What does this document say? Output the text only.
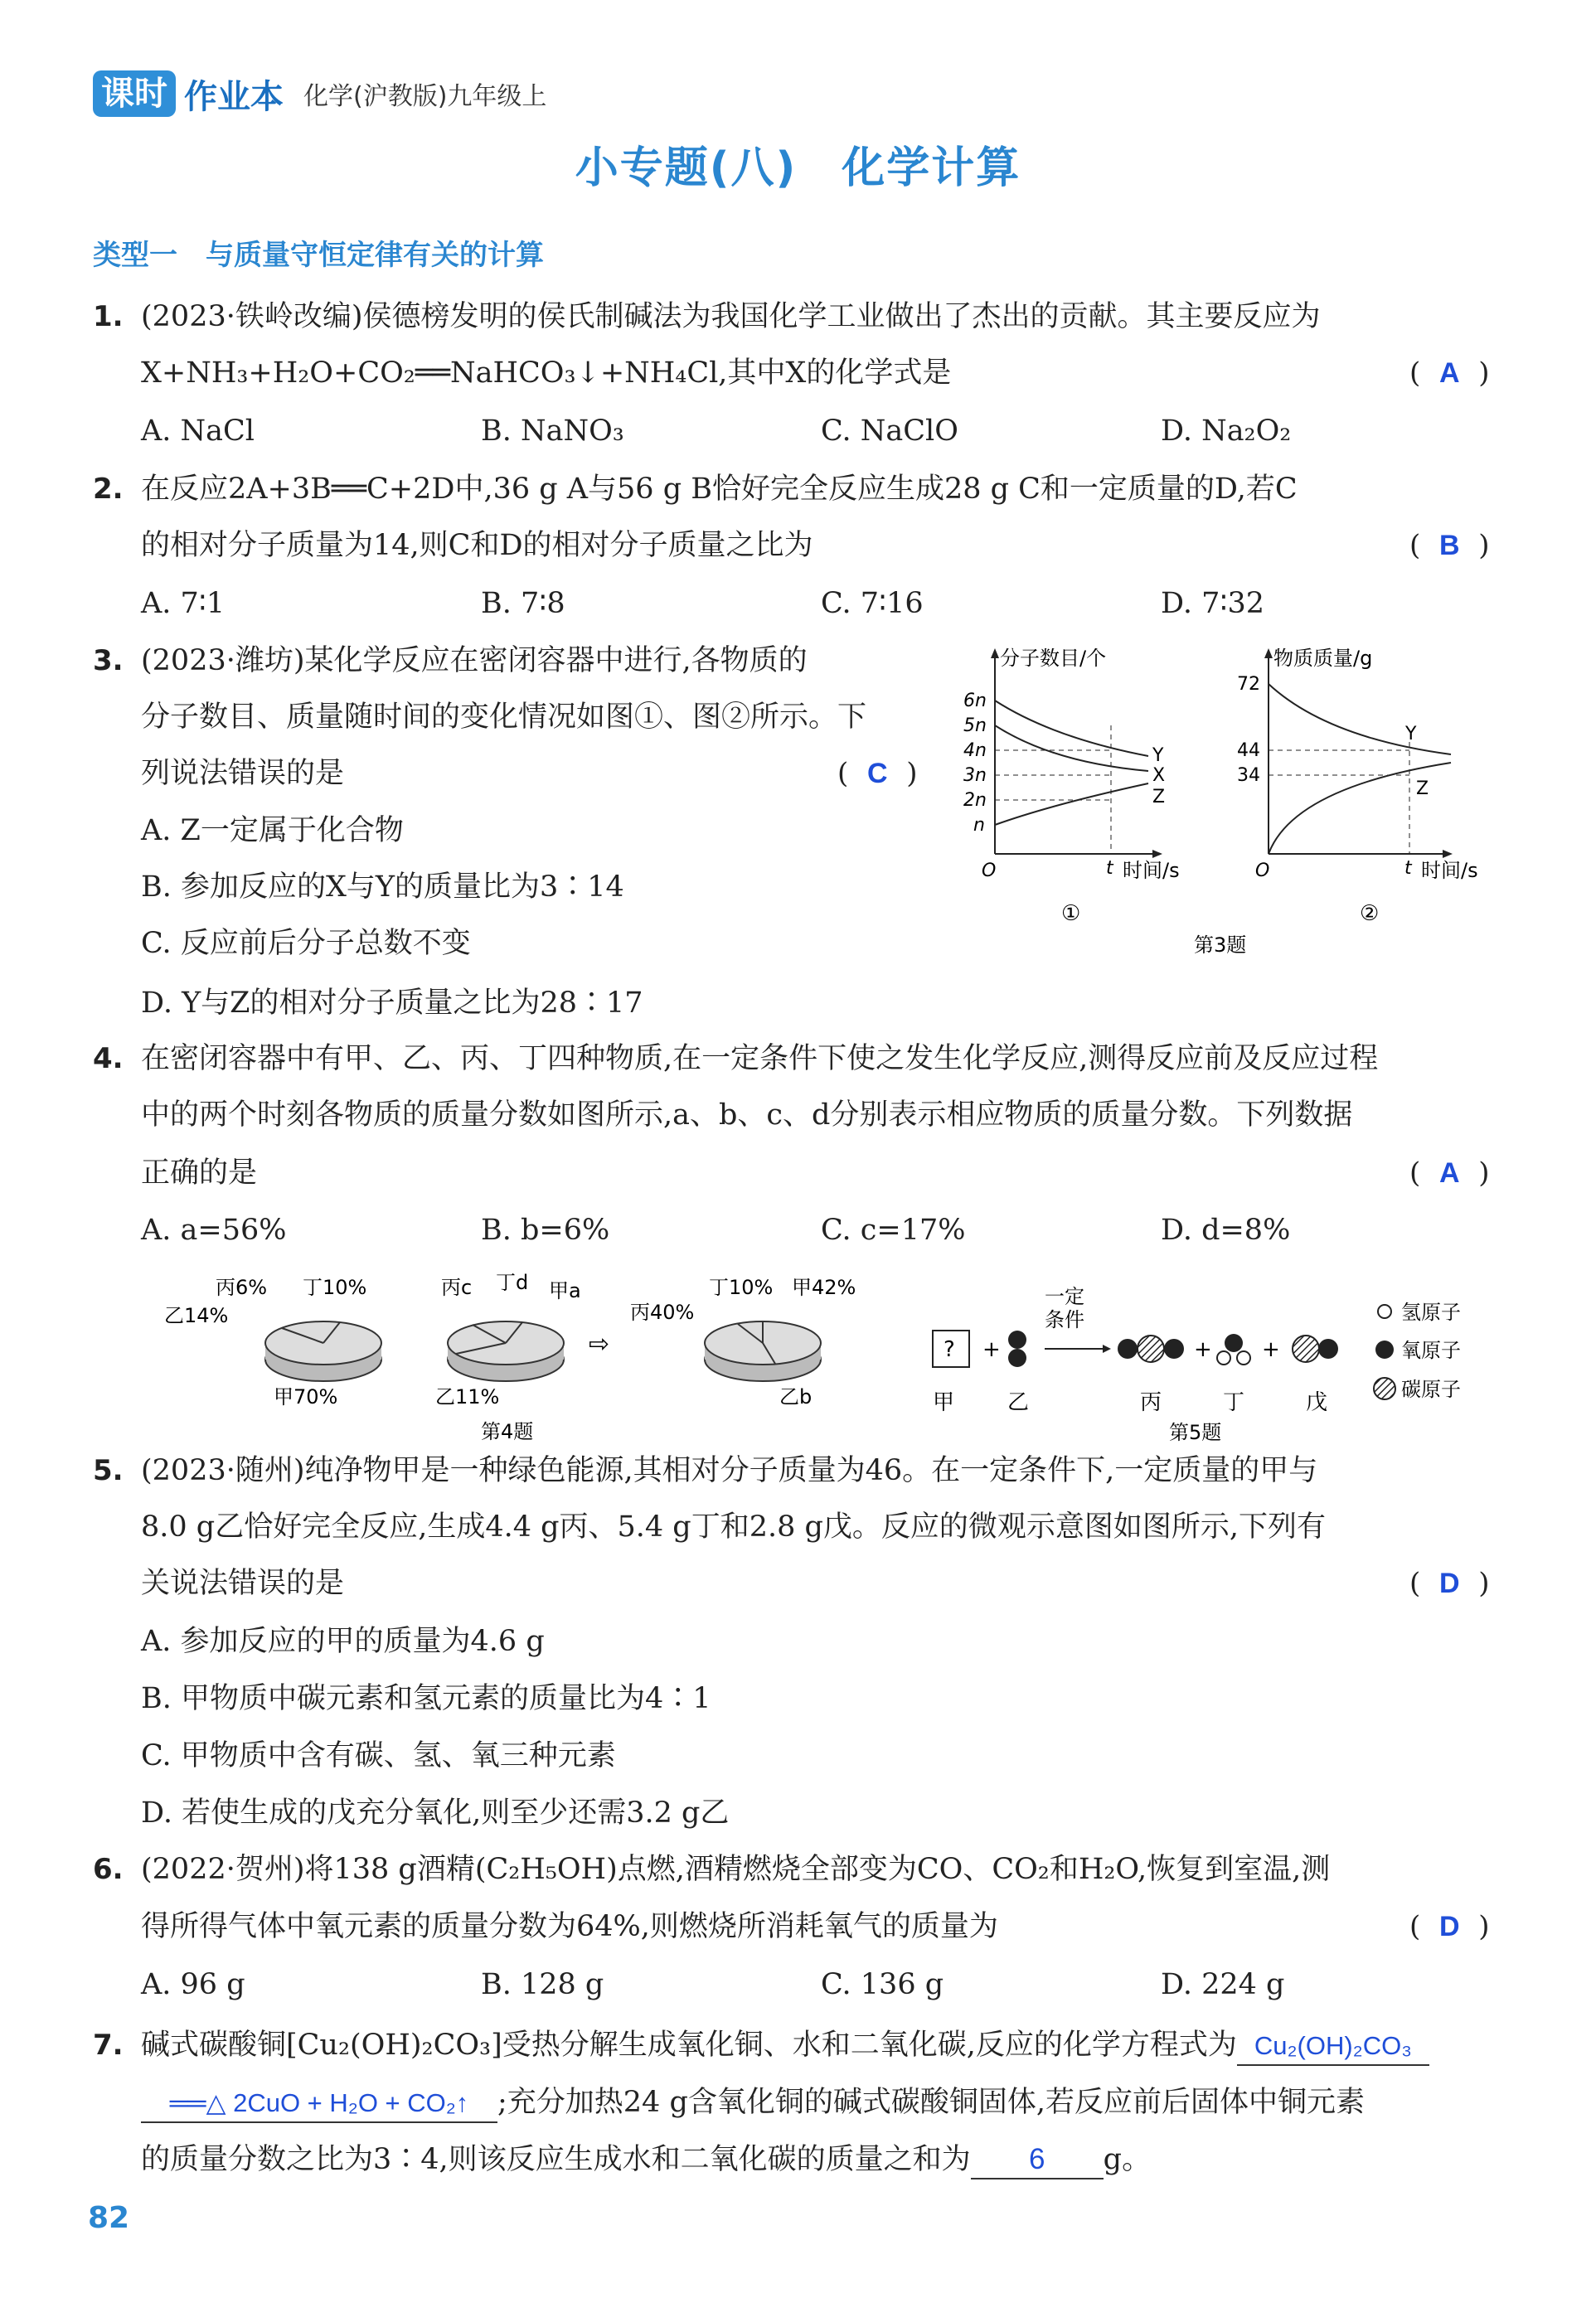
课时 作业本 化学(沪教版)九年级上
小专题(八)　化学计算
类型一　与质量守恒定律有关的计算
1. (2023·铁岭改编)侯德榜发明的侯氏制碱法为我国化学工业做出了杰出的贡献。其主要反应为
X+NH₃+H₂O+CO₂══NaHCO₃↓+NH₄Cl,其中X的化学式是	( A )
A. NaCl	B. NaNO₃	C. NaClO	D. Na₂O₂
2. 在反应2A+3B══C+2D中,36 g A与56 g B恰好完全反应生成28 g C和一定质量的D,若C
的相对分子质量为14,则C和D的相对分子质量之比为	( B )
A. 7∶1	B. 7∶8	C. 7∶16	D. 7∶32
3. (2023·潍坊)某化学反应在密闭容器中进行,各物质的
分子数目、质量随时间的变化情况如图①、图②所示。下
列说法错误的是	( C )
A. Z一定属于化合物
B. 参加反应的X与Y的质量比为3∶14
C. 反应前后分子总数不变
D. Y与Z的相对分子质量之比为28∶17
分子数目/个
6n
5n
4n
3n
2n
n
Y
X
Z
O	t 时间/s
①
物质质量/g
72
44
34
Y
Z
O	t 时间/s
②
第3题
4. 在密闭容器中有甲、乙、丙、丁四种物质,在一定条件下使之发生化学反应,测得反应前及反应过程
中的两个时刻各物质的质量分数如图所示,a、b、c、d分别表示相应物质的质量分数。下列数据
正确的是	( A )
A. a=56%	B. b=6%	C. c=17%	D. d=8%
丙6% 丁10%
乙14%
甲70%
丙c 丁d 甲a
乙11%
⇨
丙40%
丁10% 甲42%
乙b
第4题
? +
一定
条件
+ +
甲 乙	丙	丁	戊
氢原子
氧原子
碳原子
第5题
5. (2023·随州)纯净物甲是一种绿色能源,其相对分子质量为46。在一定条件下,一定质量的甲与
8.0 g乙恰好完全反应,生成4.4 g丙、5.4 g丁和2.8 g戊。反应的微观示意图如图所示,下列有
关说法错误的是	( D )
A. 参加反应的甲的质量为4.6 g
B. 甲物质中碳元素和氢元素的质量比为4∶1
C. 甲物质中含有碳、氢、氧三种元素
D. 若使生成的戊充分氧化,则至少还需3.2 g乙
6. (2022·贺州)将138 g酒精(C₂H₅OH)点燃,酒精燃烧全部变为CO、CO₂和H₂O,恢复到室温,测
得所得气体中氧元素的质量分数为64%,则燃烧所消耗氧气的质量为	( D )
A. 96 g	B. 128 g	C. 136 g	D. 224 g
7. 碱式碳酸铜[Cu₂(OH)₂CO₃]受热分解生成氧化铜、水和二氧化碳,反应的化学方程式为 Cu₂(OH)₂CO₃
══△ 2CuO + H₂O + CO₂↑ ;充分加热24 g含氧化铜的碱式碳酸铜固体,若反应前后固体中铜元素
的质量分数之比为3∶4,则该反应生成水和二氧化碳的质量之和为 6 g。
82
